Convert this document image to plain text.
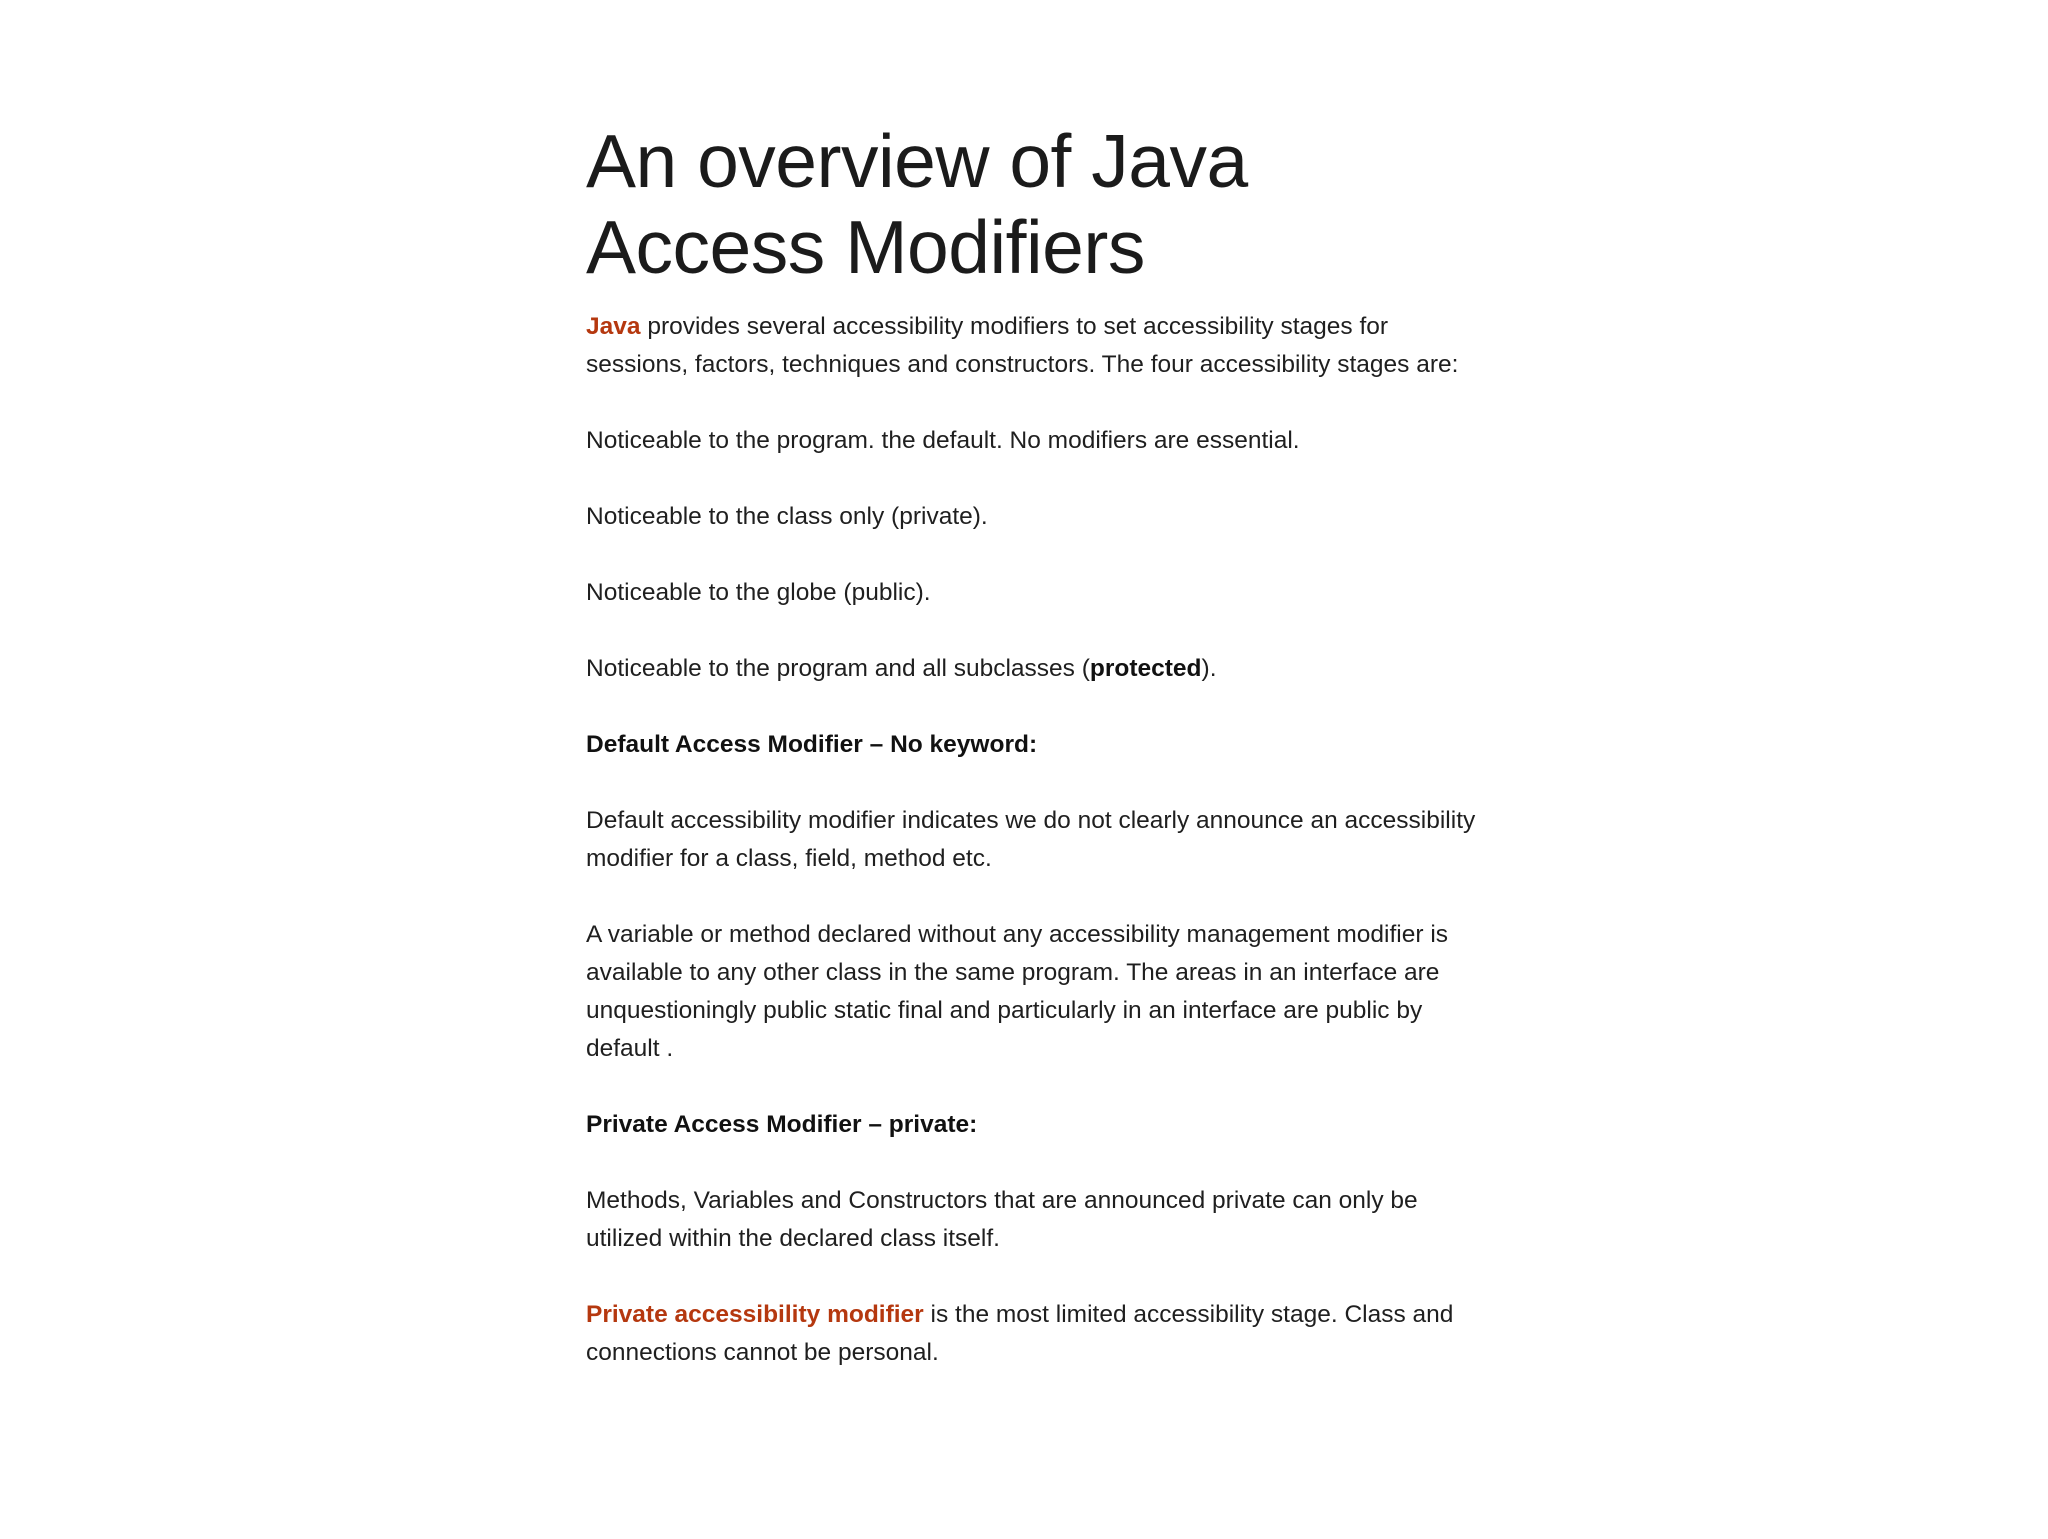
An overview of Java
Access Modifiers

Java provides several accessibility modifiers to set accessibility stages for sessions, factors, techniques and constructors. The four accessibility stages are:

Noticeable to the program. the default. No modifiers are essential.

Noticeable to the class only (private).

Noticeable to the globe (public).

Noticeable to the program and all subclasses (protected).

Default Access Modifier – No keyword:

Default accessibility modifier indicates we do not clearly announce an accessibility modifier for a class, field, method etc.

A variable or method declared without any accessibility management modifier is available to any other class in the same program. The areas in an interface are unquestioningly public static final and particularly in an interface are public by default .

Private Access Modifier – private:

Methods, Variables and Constructors that are announced private can only be utilized within the declared class itself.

Private accessibility modifier is the most limited accessibility stage. Class and connections cannot be personal.
